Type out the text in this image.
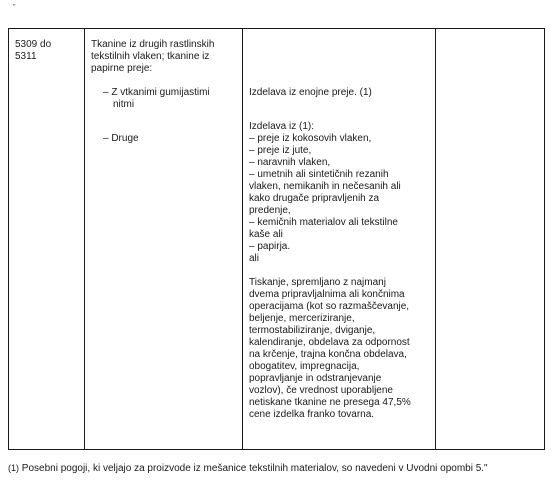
"
5309 do
5311

Tkanine iz drugih rastlinskih
tekstilnih vlaken; tkanine iz
papirne preje:
– Z vtkanimi gumijastimi
nitmi
– Druge

Izdelava iz enojne preje. (1)
Izdelava iz (1):
– preje iz kokosovih vlaken,
– preje iz jute,
– naravnih vlaken,
– umetnih ali sintetičnih rezanih
vlaken, nemikanih in nečesanih ali
kako drugače pripravljenih za
predenje,
– kemičnih materialov ali tekstilne
kaše ali
– papirja.
ali
Tiskanje, spremljano z najmanj
dvema pripravljalnima ali končnima
operacijama (kot so razmaščevanje,
beljenje, merceriziranje,
termostabiliziranje, dviganje,
kalendiranje, obdelava za odpornost
na krčenje, trajna končna obdelava,
obogatitev, impregnacija,
popravljanje in odstranjevanje
vozlov), če vrednost uporabljene
netiskane tkanine ne presega 47,5%
cene izdelka franko tovarna.

(1) Posebni pogoji, ki veljajo za proizvode iz mešanice tekstilnih materialov, so navedeni v Uvodni opombi 5."
